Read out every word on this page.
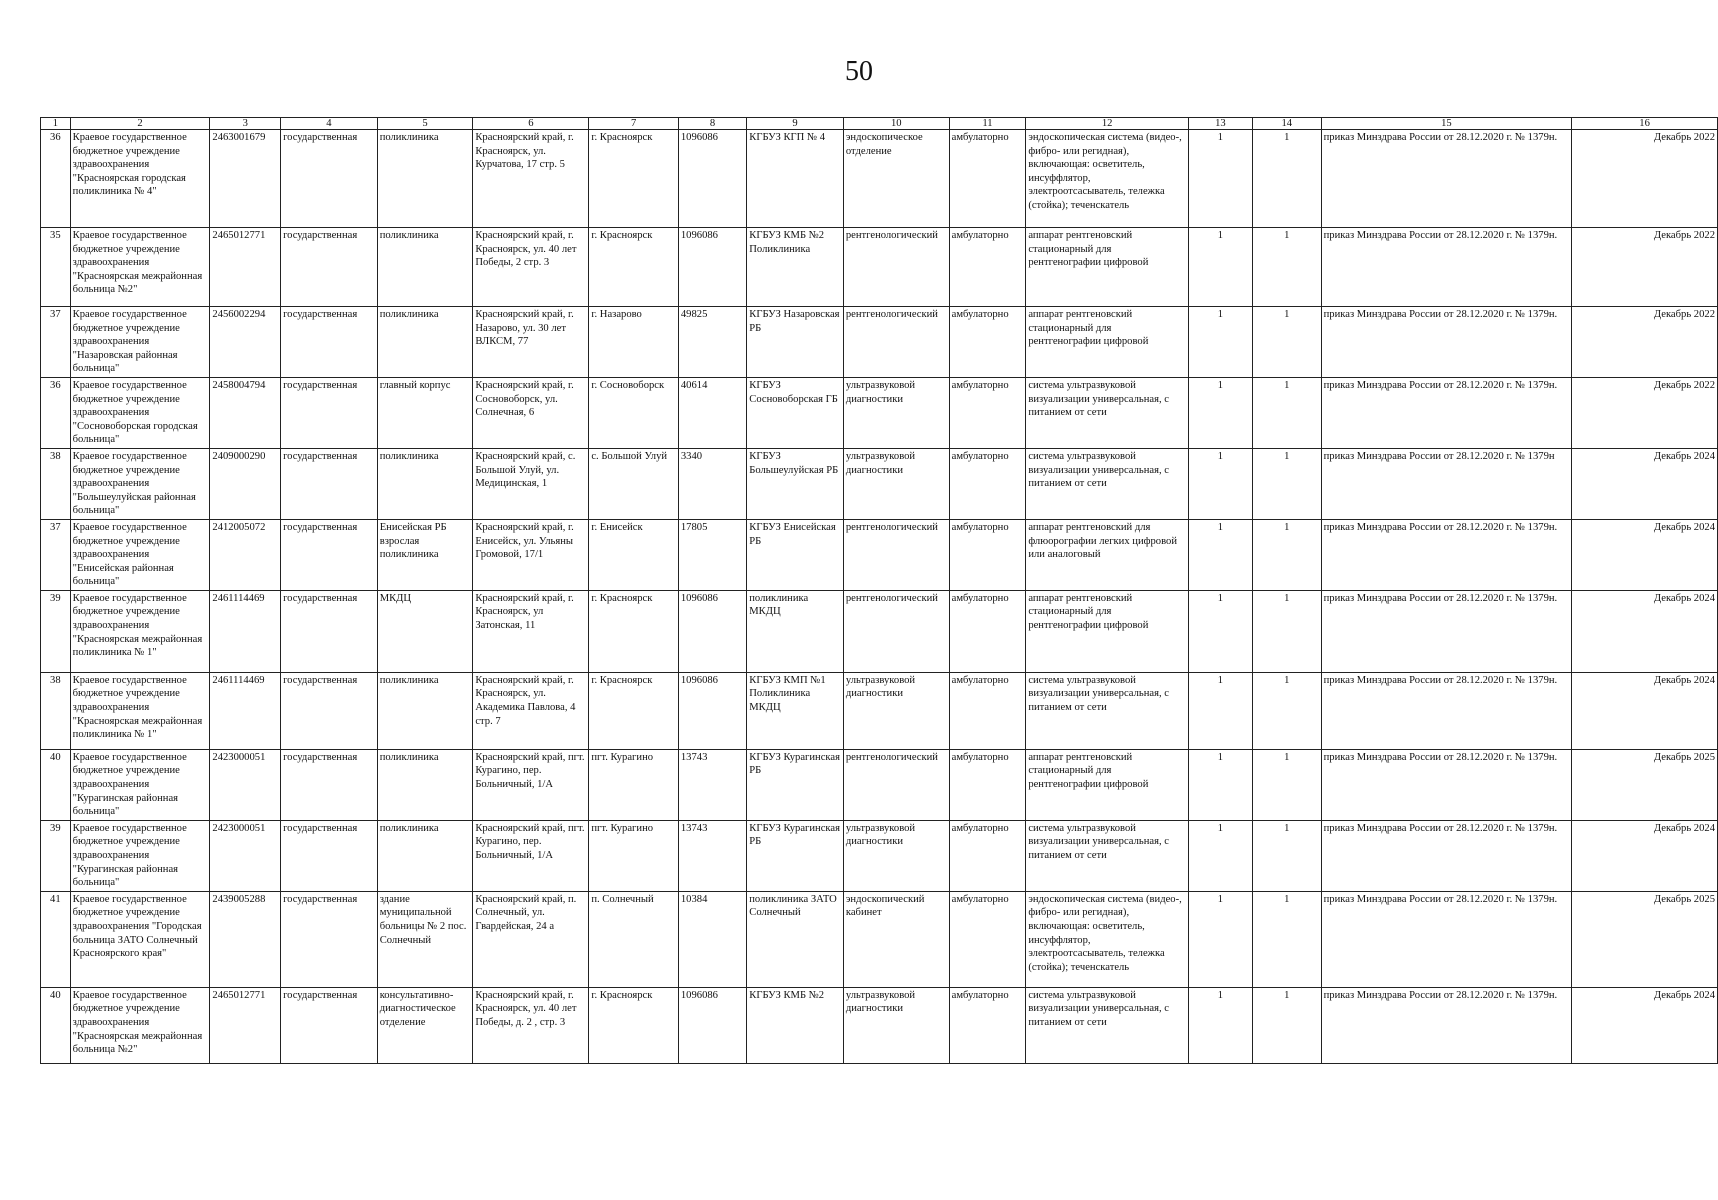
50
1	2	3	4	5	6	7	8	9	10	11	12	13	14	15	16
36	Краевое государственное бюджетное учреждение здравоохранения "Красноярская городская поликлиника № 4"	2463001679	государственная	поликлиника	Красноярский край, г. Красноярск, ул. Курчатова, 17 стр. 5	г. Красноярск	1096086	КГБУЗ КГП № 4	эндоскопическое отделение	амбулаторно	эндоскопическая система (видео-, фибро- или регидная), включающая: осветитель, инсуффлятор, электроотсасыватель, тележка (стойка); теченскатель	1	1	приказ Минздрава России от 28.12.2020 г. № 1379н.	Декабрь 2022
35	Краевое государственное бюджетное учреждение здравоохранения "Красноярская межрайонная больница №2"	2465012771	государственная	поликлиника	Красноярский край, г. Красноярск, ул. 40 лет Победы, 2 стр. 3	г. Красноярск	1096086	КГБУЗ КМБ №2 Поликлиника	рентгенологический	амбулаторно	аппарат рентгеновский стационарный для рентгенографии цифровой	1	1	приказ Минздрава России от 28.12.2020 г. № 1379н.	Декабрь 2022
37	Краевое государственное бюджетное учреждение здравоохранения "Назаровская районная больница"	2456002294	государственная	поликлиника	Красноярский край, г. Назарово, ул. 30 лет ВЛКСМ, 77	г. Назарово	49825	КГБУЗ Назаровская РБ	рентгенологический	амбулаторно	аппарат рентгеновский стационарный для рентгенографии цифровой	1	1	приказ Минздрава России от 28.12.2020 г. № 1379н.	Декабрь 2022
36	Краевое государственное бюджетное учреждение здравоохранения "Сосновоборская городская больница"	2458004794	государственная	главный корпус	Красноярский край, г. Сосновоборск, ул. Солнечная, 6	г. Сосновоборск	40614	КГБУЗ Сосновоборская ГБ	ультразвуковой диагностики	амбулаторно	система ультразвуковой визуализации универсальная, с питанием от сети	1	1	приказ Минздрава России от 28.12.2020 г. № 1379н.	Декабрь 2022
38	Краевое государственное бюджетное учреждение здравоохранения "Большеулуйская районная больница"	2409000290	государственная	поликлиника	Красноярский край, с. Большой Улуй, ул. Медицинская, 1	с. Большой Улуй	3340	КГБУЗ Большеулуйская РБ	ультразвуковой диагностики	амбулаторно	система ультразвуковой визуализации универсальная, с питанием от сети	1	1	приказ Минздрава России от 28.12.2020 г. № 1379н	Декабрь 2024
37	Краевое государственное бюджетное учреждение здравоохранения "Енисейская районная больница"	2412005072	государственная	Енисейская РБ взрослая поликлиника	Красноярский край, г. Енисейск, ул. Ульяны Громовой, 17/1	г. Енисейск	17805	КГБУЗ Енисейская РБ	рентгенологический	амбулаторно	аппарат рентгеновский для флюорографии легких цифровой или аналоговый	1	1	приказ Минздрава России от 28.12.2020 г. № 1379н.	Декабрь 2024
39	Краевое государственное бюджетное учреждение здравоохранения "Красноярская межрайонная поликлиника № 1"	2461114469	государственная	МКДЦ	Красноярский край, г. Красноярск, ул Затонская, 11	г. Красноярск	1096086	поликлиника МКДЦ	рентгенологический	амбулаторно	аппарат рентгеновский стационарный для рентгенографии цифровой	1	1	приказ Минздрава России от 28.12.2020 г. № 1379н.	Декабрь 2024
38	Краевое государственное бюджетное учреждение здравоохранения "Красноярская межрайонная поликлиника № 1"	2461114469	государственная	поликлиника	Красноярский край, г. Красноярск, ул. Академика Павлова, 4 стр. 7	г. Красноярск	1096086	КГБУЗ КМП №1 Поликлиника МКДЦ	ультразвуковой диагностики	амбулаторно	система ультразвуковой визуализации универсальная, с питанием от сети	1	1	приказ Минздрава России от 28.12.2020 г. № 1379н.	Декабрь 2024
40	Краевое государственное бюджетное учреждение здравоохранения "Курагинская районная больница"	2423000051	государственная	поликлиника	Красноярский край, пгт. Курагино, пер. Больничный, 1/А	пгт. Курагино	13743	КГБУЗ Курагинская РБ	рентгенологический	амбулаторно	аппарат рентгеновский стационарный для рентгенографии цифровой	1	1	приказ Минздрава России от 28.12.2020 г. № 1379н.	Декабрь 2025
39	Краевое государственное бюджетное учреждение здравоохранения "Курагинская районная больница"	2423000051	государственная	поликлиника	Красноярский край, пгт. Курагино, пер. Больничный, 1/А	пгт. Курагино	13743	КГБУЗ Курагинская РБ	ультразвуковой диагностики	амбулаторно	система ультразвуковой визуализации универсальная, с питанием от сети	1	1	приказ Минздрава России от 28.12.2020 г. № 1379н.	Декабрь 2024
41	Краевое государственное бюджетное учреждение здравоохранения "Городская больница ЗАТО Солнечный Красноярского края"	2439005288	государственная	здание муниципальной больницы № 2 пос. Солнечный	Красноярский край, п. Солнечный, ул. Гвардейская, 24 а	п. Солнечный	10384	поликлиника ЗАТО Солнечный	эндоскопический кабинет	амбулаторно	эндоскопическая система (видео-, фибро- или регидная), включающая: осветитель, инсуффлятор, электроотсасыватель, тележка (стойка); теченскатель	1	1	приказ Минздрава России от 28.12.2020 г. № 1379н.	Декабрь 2025
40	Краевое государственное бюджетное учреждение здравоохранения "Красноярская межрайонная больница №2"	2465012771	государственная	консультативно-диагностическое отделение	Красноярский край, г. Красноярск, ул. 40 лет Победы, д. 2 , стр. 3	г. Красноярск	1096086	КГБУЗ КМБ №2	ультразвуковой диагностики	амбулаторно	система ультразвуковой визуализации универсальная, с питанием от сети	1	1	приказ Минздрава России от 28.12.2020 г. № 1379н.	Декабрь 2024
